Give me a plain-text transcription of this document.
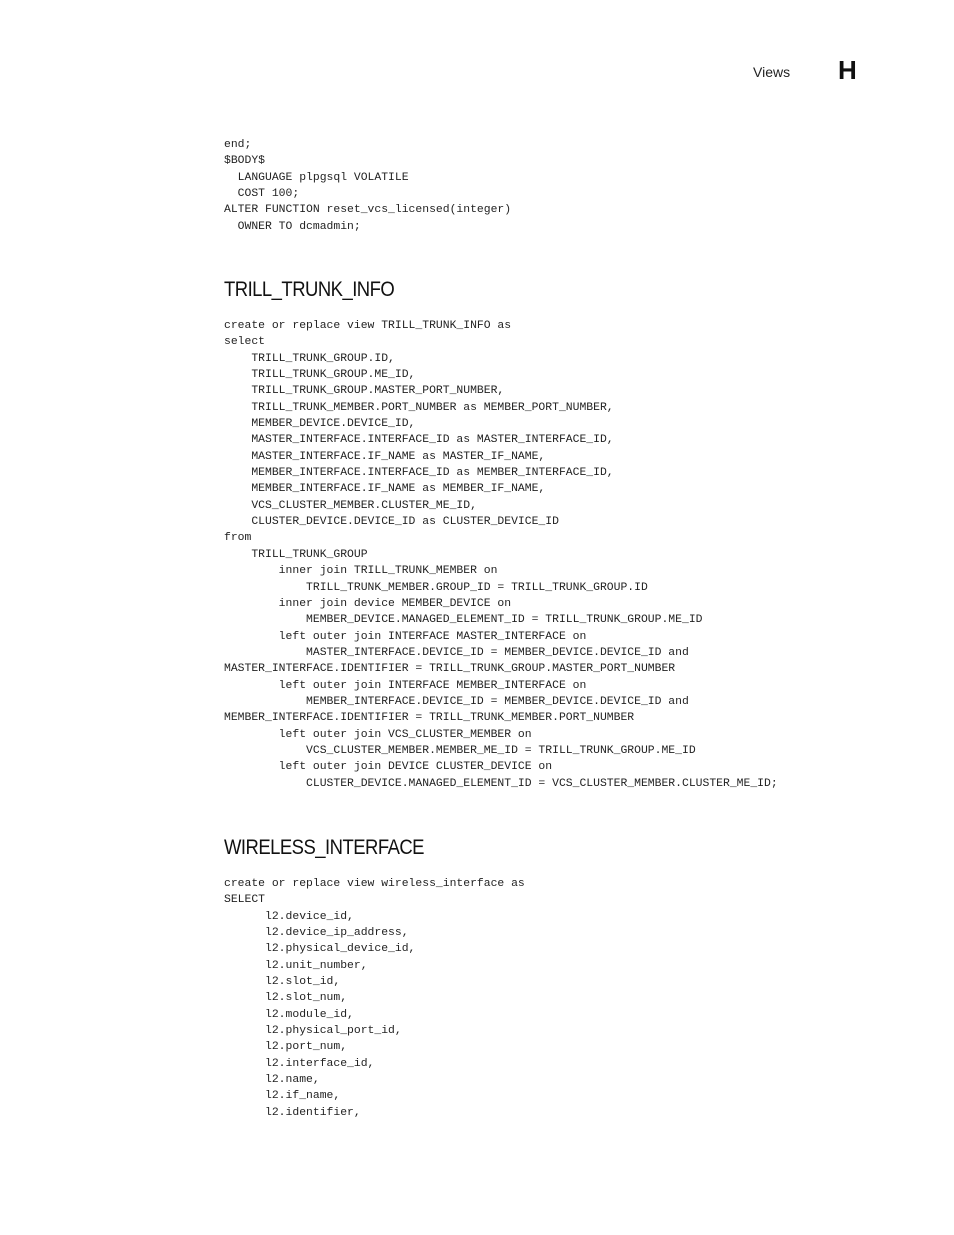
Views H
end;
$BODY$
LANGUAGE plpgsql VOLATILE
COST 100;
ALTER FUNCTION reset_vcs_licensed(integer)
OWNER TO dcmadmin;
TRILL_TRUNK_INFO
create or replace view TRILL_TRUNK_INFO as
select
TRILL_TRUNK_GROUP.ID,
TRILL_TRUNK_GROUP.ME_ID,
TRILL_TRUNK_GROUP.MASTER_PORT_NUMBER,
TRILL_TRUNK_MEMBER.PORT_NUMBER as MEMBER_PORT_NUMBER,
MEMBER_DEVICE.DEVICE_ID,
MASTER_INTERFACE.INTERFACE_ID as MASTER_INTERFACE_ID,
MASTER_INTERFACE.IF_NAME as MASTER_IF_NAME,
MEMBER_INTERFACE.INTERFACE_ID as MEMBER_INTERFACE_ID,
MEMBER_INTERFACE.IF_NAME as MEMBER_IF_NAME,
VCS_CLUSTER_MEMBER.CLUSTER_ME_ID,
CLUSTER_DEVICE.DEVICE_ID as CLUSTER_DEVICE_ID
from
TRILL_TRUNK_GROUP
inner join TRILL_TRUNK_MEMBER on
TRILL_TRUNK_MEMBER.GROUP_ID = TRILL_TRUNK_GROUP.ID
inner join device MEMBER_DEVICE on
MEMBER_DEVICE.MANAGED_ELEMENT_ID = TRILL_TRUNK_GROUP.ME_ID
left outer join INTERFACE MASTER_INTERFACE on
MASTER_INTERFACE.DEVICE_ID = MEMBER_DEVICE.DEVICE_ID and
MASTER_INTERFACE.IDENTIFIER = TRILL_TRUNK_GROUP.MASTER_PORT_NUMBER
left outer join INTERFACE MEMBER_INTERFACE on
MEMBER_INTERFACE.DEVICE_ID = MEMBER_DEVICE.DEVICE_ID and
MEMBER_INTERFACE.IDENTIFIER = TRILL_TRUNK_MEMBER.PORT_NUMBER
left outer join VCS_CLUSTER_MEMBER on
VCS_CLUSTER_MEMBER.MEMBER_ME_ID = TRILL_TRUNK_GROUP.ME_ID
left outer join DEVICE CLUSTER_DEVICE on
CLUSTER_DEVICE.MANAGED_ELEMENT_ID = VCS_CLUSTER_MEMBER.CLUSTER_ME_ID;
WIRELESS_INTERFACE
create or replace view wireless_interface as
SELECT
l2.device_id,
l2.device_ip_address,
l2.physical_device_id,
l2.unit_number,
l2.slot_id,
l2.slot_num,
l2.module_id,
l2.physical_port_id,
l2.port_num,
l2.interface_id,
l2.name,
l2.if_name,
l2.identifier,
